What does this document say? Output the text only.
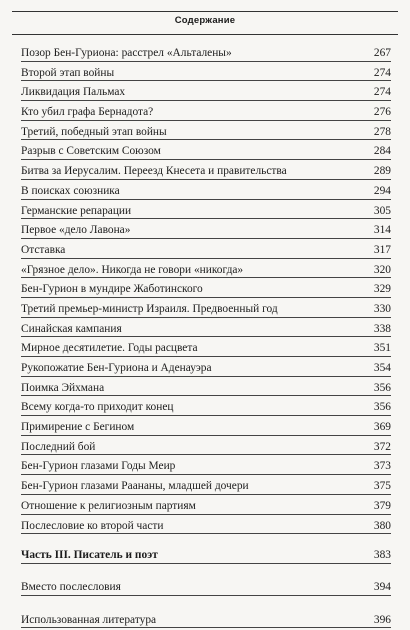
Содержание
Позор Бен-Гуриона: расстрел «Альталены»	267
Второй этап войны	274
Ликвидация Пальмах	274
Кто убил графа Бернадота?	276
Третий, победный этап войны	278
Разрыв с Советским Союзом	284
Битва за Иерусалим. Переезд Кнесета и правительства	289
В поисках союзника	294
Германские репарации	305
Первое «дело Лавона»	314
Отставка	317
«Грязное дело». Никогда не говори «никогда»	320
Бен-Гурион в мундире Жаботинского	329
Третий премьер-министр Израиля. Предвоенный год	330
Синайская кампания	338
Мирное десятилетие. Годы расцвета	351
Рукопожатие Бен-Гуриона и Аденауэра	354
Поимка Эйхмана	356
Всему когда-то приходит конец	356
Примирение с Бегином	369
Последний бой	372
Бен-Гурион глазами Годы Меир	373
Бен-Гурион глазами Раананы, младшей дочери	375
Отношение к религиозным партиям	379
Послесловие ко второй части	380
Часть III. Писатель и поэт	383
Вместо послесловия	394
Использованная литература	396
